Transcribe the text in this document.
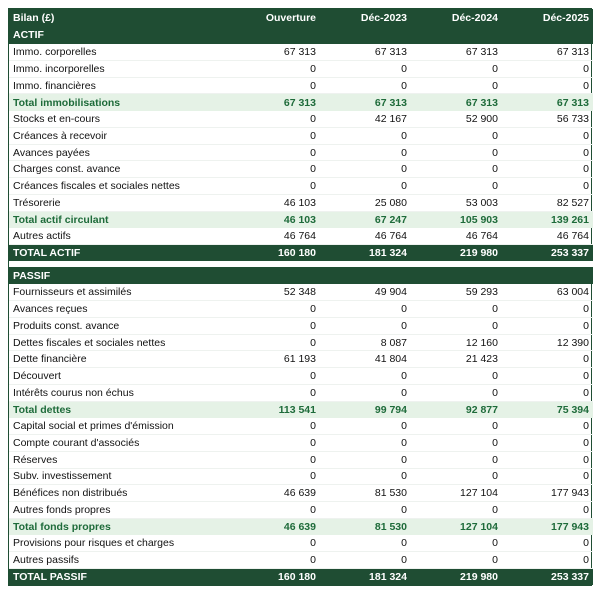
Bilan (£)	Ouverture	Déc-2023	Déc-2024	Déc-2025
ACTIF				
Immo. corporelles	67 313	67 313	67 313	67 313
Immo. incorporelles	0	0	0	0
Immo. financières	0	0	0	0
Total immobilisations	67 313	67 313	67 313	67 313
Stocks et en-cours	0	42 167	52 900	56 733
Créances à recevoir	0	0	0	0
Avances payées	0	0	0	0
Charges const. avance	0	0	0	0
Créances fiscales et sociales nettes	0	0	0	0
Trésorerie	46 103	25 080	53 003	82 527
Total actif circulant	46 103	67 247	105 903	139 261
Autres actifs	46 764	46 764	46 764	46 764
TOTAL ACTIF	160 180	181 324	219 980	253 337

PASSIF				
Fournisseurs et assimilés	52 348	49 904	59 293	63 004
Avances reçues	0	0	0	0
Produits const. avance	0	0	0	0
Dettes fiscales et sociales nettes	0	8 087	12 160	12 390
Dette financière	61 193	41 804	21 423	0
Découvert	0	0	0	0
Intérêts courus non échus	0	0	0	0
Total dettes	113 541	99 794	92 877	75 394
Capital social et primes d'émission	0	0	0	0
Compte courant d'associés	0	0	0	0
Réserves	0	0	0	0
Subv. investissement	0	0	0	0
Bénéfices non distribués	46 639	81 530	127 104	177 943
Autres fonds propres	0	0	0	0
Total fonds propres	46 639	81 530	127 104	177 943
Provisions pour risques et charges	0	0	0	0
Autres passifs	0	0	0	0
TOTAL PASSIF	160 180	181 324	219 980	253 337
